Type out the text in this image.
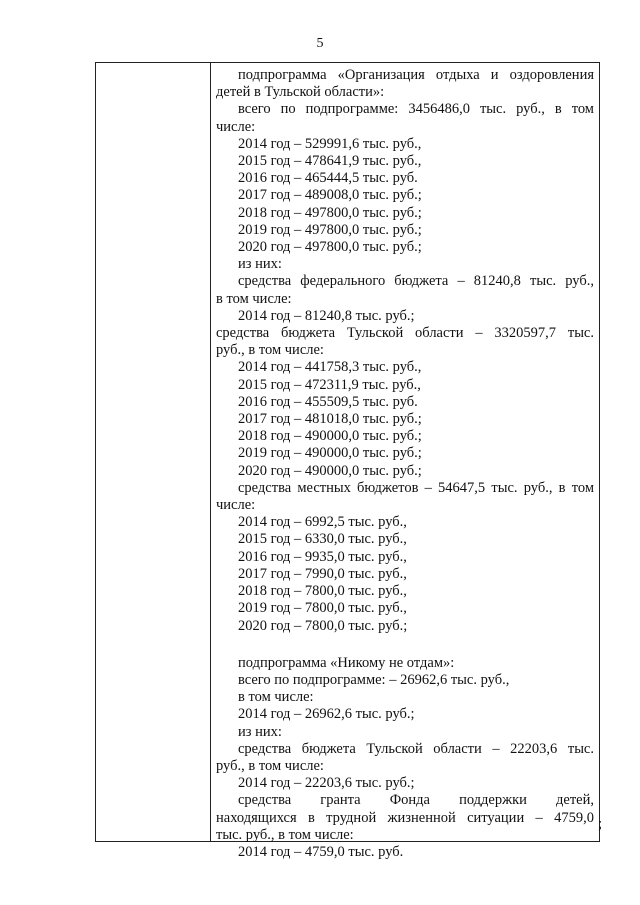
5
подпрограмма «Организация отдыха и оздоровления
детей в Тульской области»:
всего по подпрограмме: 3456486,0 тыс. руб., в том
числе:
2014 год – 529991,6 тыс. руб.,
2015 год – 478641,9 тыс. руб.,
2016 год – 465444,5 тыс. руб.
2017 год – 489008,0 тыс. руб.;
2018 год – 497800,0 тыс. руб.;
2019 год – 497800,0 тыс. руб.;
2020 год – 497800,0 тыс. руб.;
из них:
средства федерального бюджета – 81240,8 тыс. руб.,
в том числе:
2014 год – 81240,8 тыс. руб.;
средства бюджета Тульской области – 3320597,7 тыс.
руб., в том числе:
2014 год – 441758,3 тыс. руб.,
2015 год – 472311,9 тыс. руб.,
2016 год – 455509,5 тыс. руб.
2017 год – 481018,0 тыс. руб.;
2018 год – 490000,0 тыс. руб.;
2019 год – 490000,0 тыс. руб.;
2020 год – 490000,0 тыс. руб.;
средства местных бюджетов – 54647,5 тыс. руб., в том
числе:
2014 год – 6992,5 тыс. руб.,
2015 год – 6330,0 тыс. руб.,
2016 год – 9935,0 тыс. руб.,
2017 год – 7990,0 тыс. руб.,
2018 год – 7800,0 тыс. руб.,
2019 год – 7800,0 тыс. руб.,
2020 год – 7800,0 тыс. руб.;
подпрограмма «Никому не отдам»:
всего по подпрограмме: – 26962,6 тыс. руб.,
в том числе:
2014 год – 26962,6 тыс. руб.;
из них:
средства бюджета Тульской области – 22203,6 тыс.
руб., в том числе:
2014 год – 22203,6 тыс. руб.;
средства гранта Фонда поддержки детей,
находящихся в трудной жизненной ситуации – 4759,0
тыс. руб., в том числе:
2014 год – 4759,0 тыс. руб.
;
